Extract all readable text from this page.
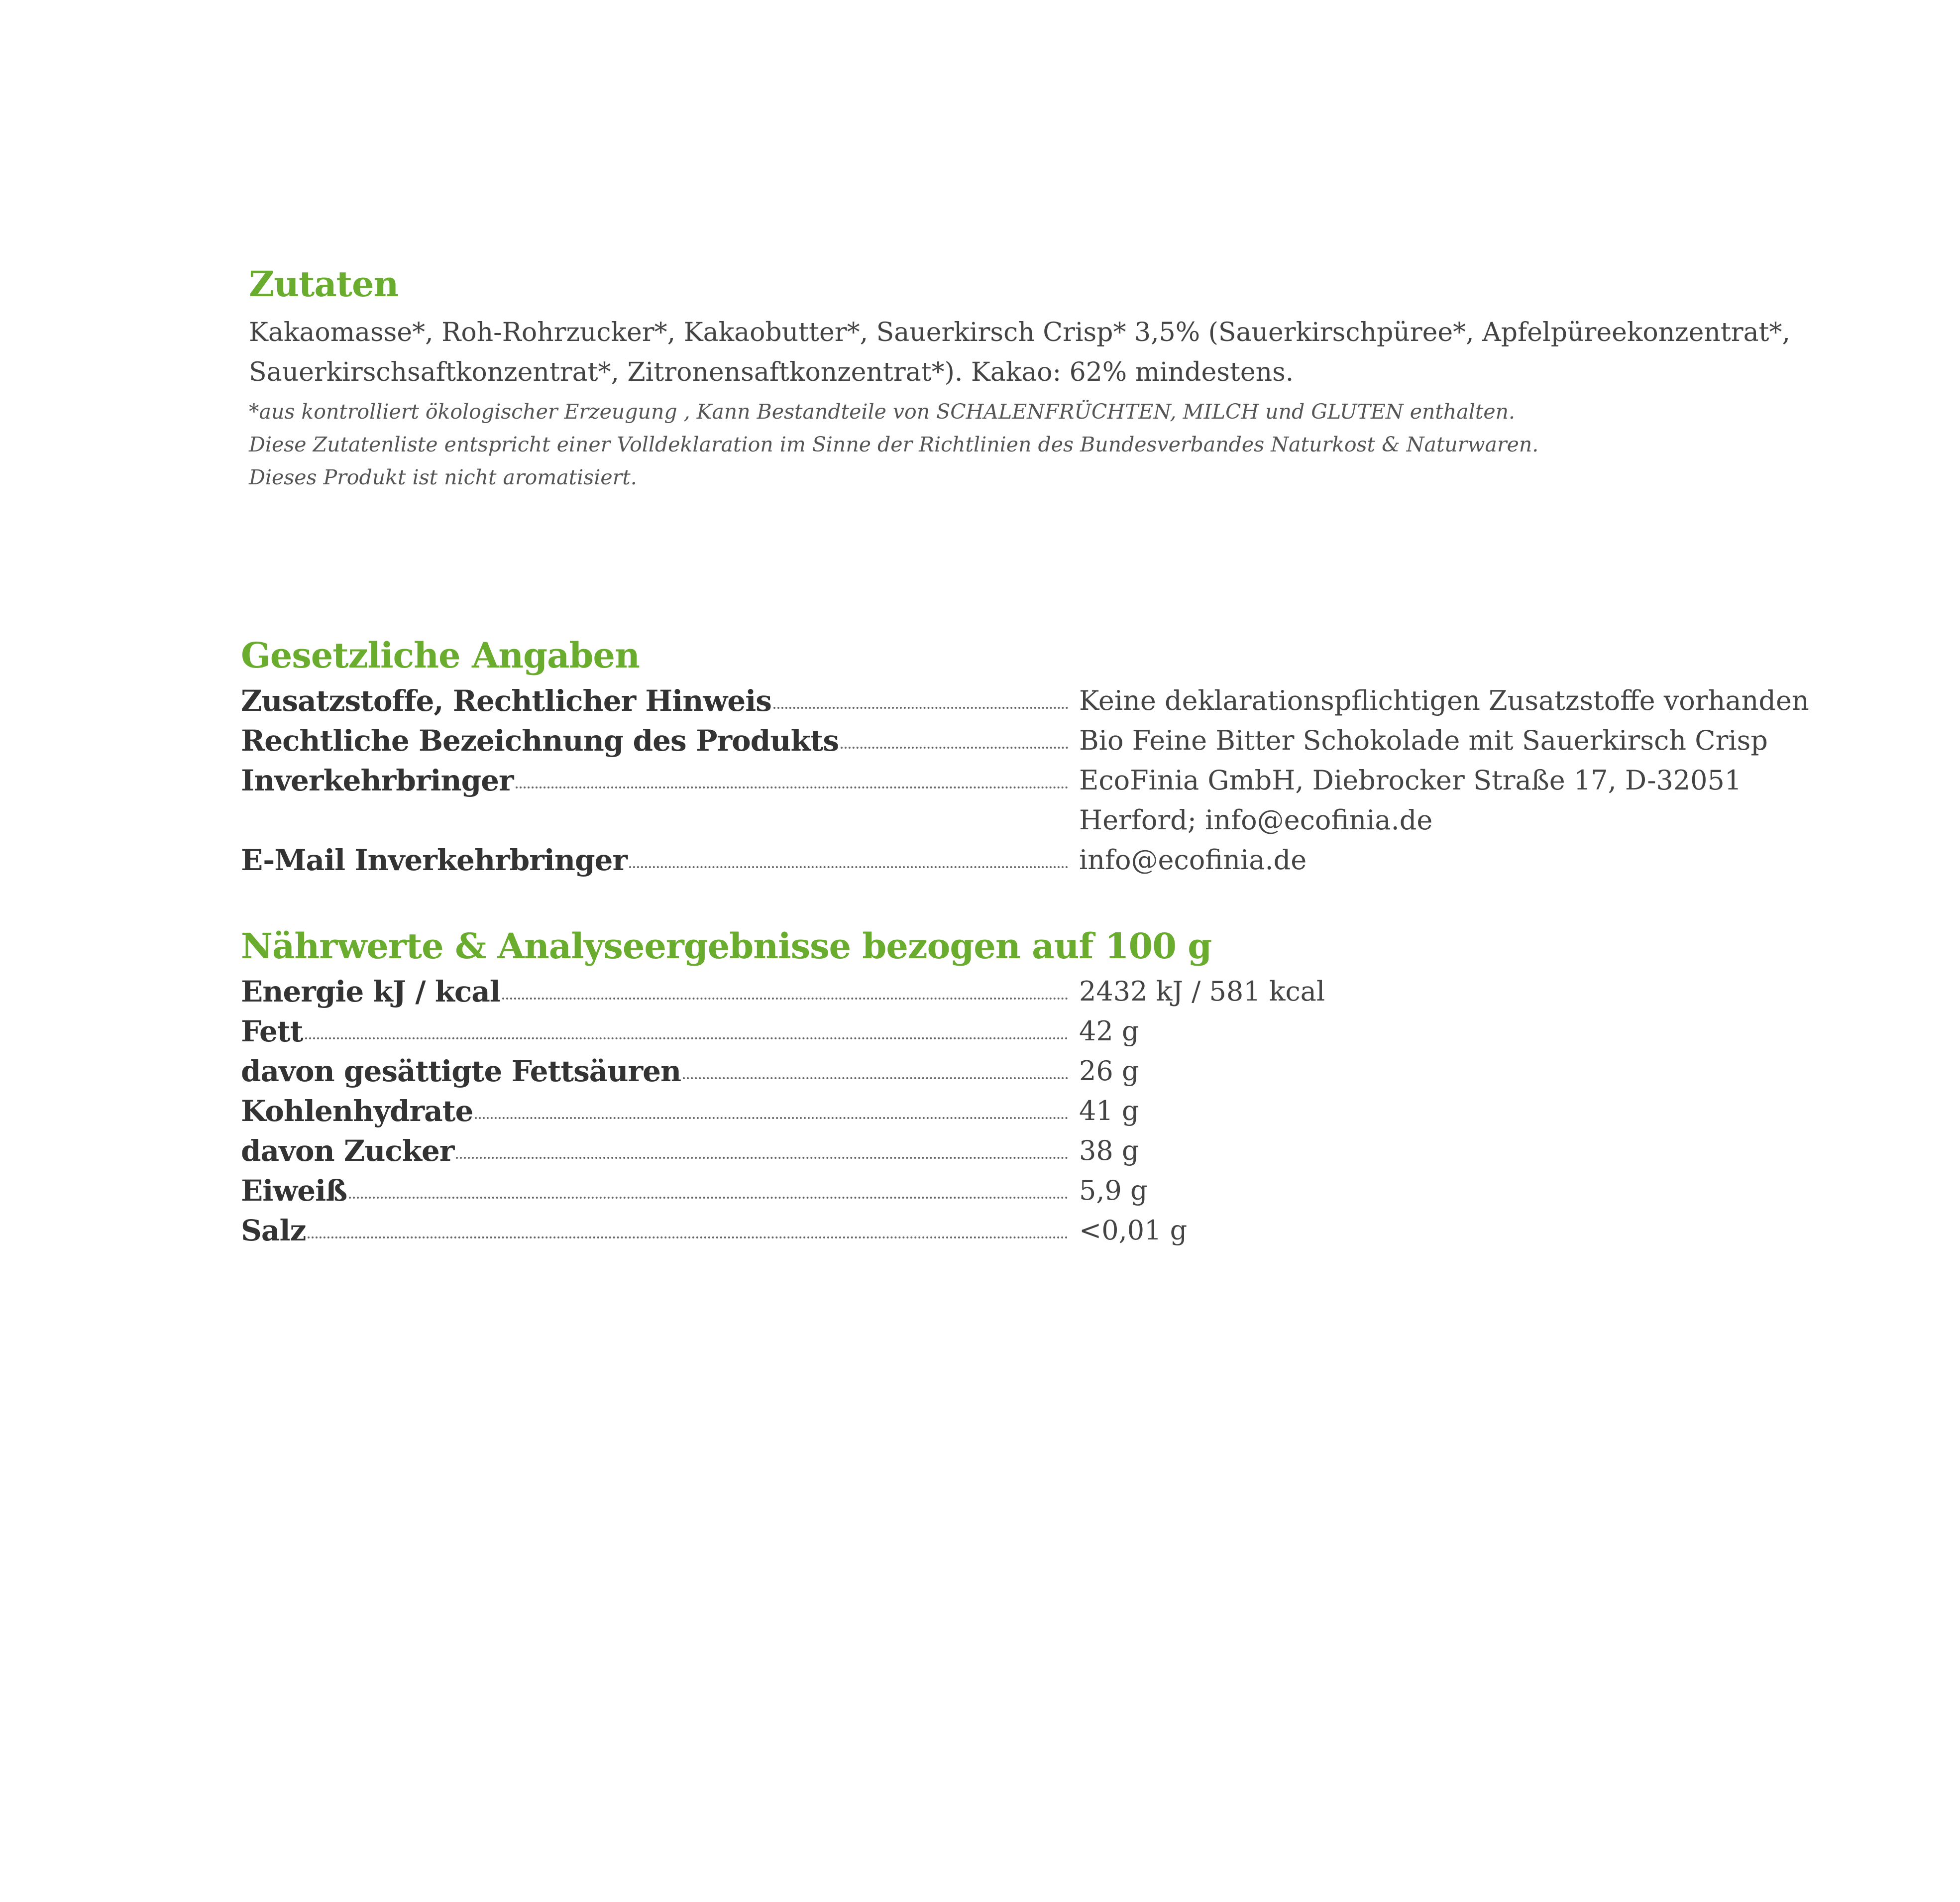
Zutaten
Kakaomasse*, Roh-Rohrzucker*, Kakaobutter*, Sauerkirsch Crisp* 3,5% (Sauerkirschpüree*, Apfelpüreekonzentrat*,
Sauerkirschsaftkonzentrat*, Zitronensaftkonzentrat*). Kakao: 62% mindestens.
*aus kontrolliert ökologischer Erzeugung , Kann Bestandteile von SCHALENFRÜCHTEN, MILCH und GLUTEN enthalten.
Diese Zutatenliste entspricht einer Volldeklaration im Sinne der Richtlinien des Bundesverbandes Naturkost & Naturwaren.
Dieses Produkt ist nicht aromatisiert.
Gesetzliche Angaben
Zusatzstoffe, Rechtlicher Hinweis	Keine deklarationspflichtigen Zusatzstoffe vorhanden
Rechtliche Bezeichnung des Produkts	Bio Feine Bitter Schokolade mit Sauerkirsch Crisp
Inverkehrbringer	EcoFinia GmbH, Diebrocker Straße 17, D-32051 Herford; info@ecofinia.de
E-Mail Inverkehrbringer	info@ecofinia.de
Nährwerte & Analyseergebnisse bezogen auf 100 g
Energie kJ / kcal	2432 kJ / 581 kcal
Fett	42 g
davon gesättigte Fettsäuren	26 g
Kohlenhydrate	41 g
davon Zucker	38 g
Eiweiß	5,9 g
Salz	<0,01 g
